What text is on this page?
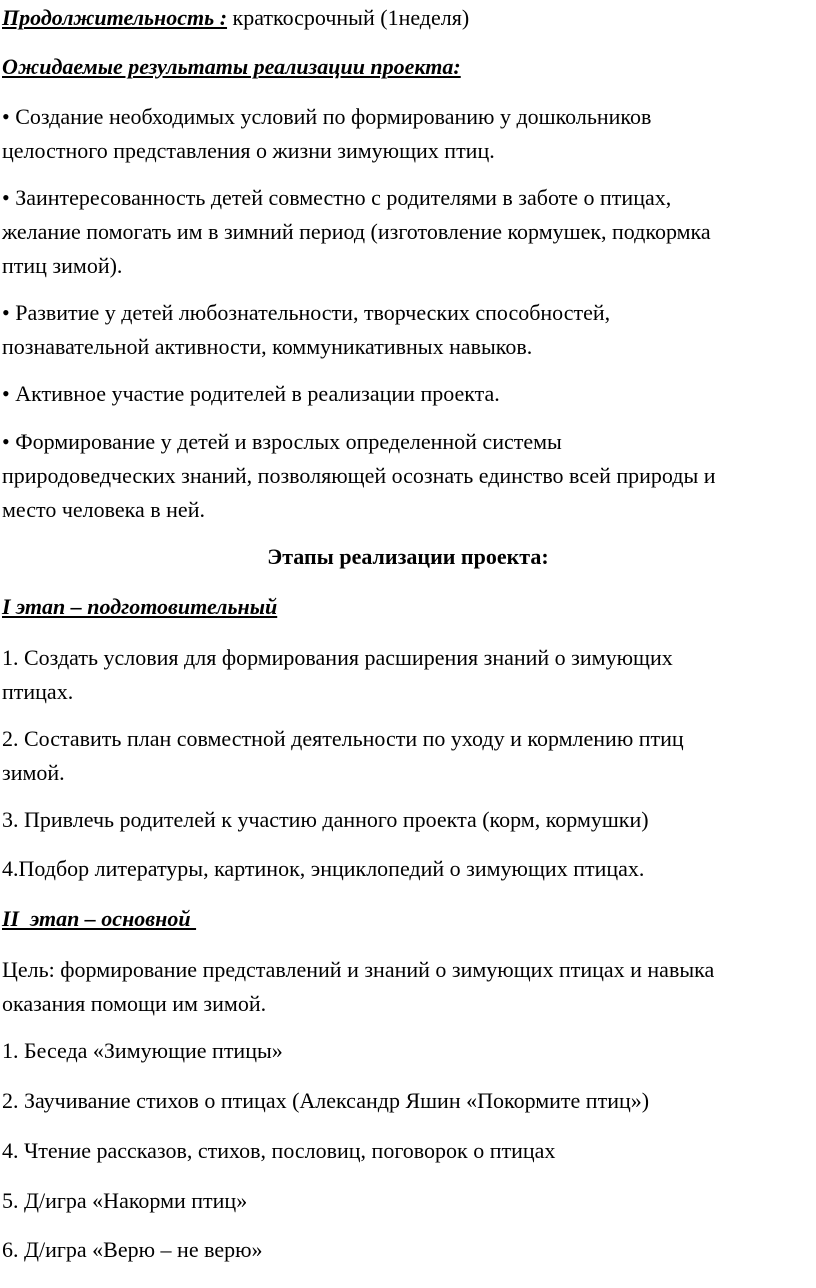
Продолжительность : краткосрочный (1неделя)
Ожидаемые результаты реализации проекта:
• Создание необходимых условий по формированию у дошкольников
целостного представления о жизни зимующих птиц.
• Заинтересованность детей совместно с родителями в заботе о птицах,
желание помогать им в зимний период (изготовление кормушек, подкормка
птиц зимой).
• Развитие у детей любознательности, творческих способностей,
познавательной активности, коммуникативных навыков.
• Активное участие родителей в реализации проекта.
• Формирование у детей и взрослых определенной системы
природоведческих знаний, позволяющей осознать единство всей природы и
место человека в ней.
Этапы реализации проекта:
I этап – подготовительный
1. Создать условия для формирования расширения знаний о зимующих
птицах.
2. Составить план совместной деятельности по уходу и кормлению птиц
зимой.
3. Привлечь родителей к участию данного проекта (корм, кормушки)
4.Подбор литературы, картинок, энциклопедий о зимующих птицах.
II  этап – основной
Цель: формирование представлений и знаний о зимующих птицах и навыка
оказания помощи им зимой.
1. Беседа «Зимующие птицы»
2. Заучивание стихов о птицах (Александр Яшин «Покормите птиц»)
4. Чтение рассказов, стихов, пословиц, поговорок о птицах
5. Д/игра «Накорми птиц»
6. Д/игра «Верю – не верю»
